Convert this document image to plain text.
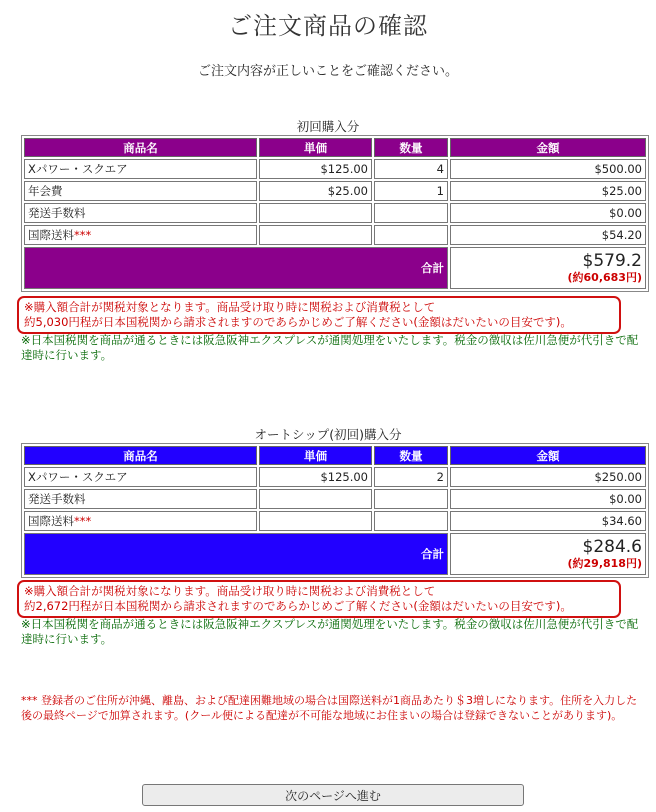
ご注文商品の確認
ご注文内容が正しいことをご確認ください。
初回購入分
商品名	単価	数量	金額
Xパワー・スクエア	$125.00	4	$500.00
年会費	$25.00	1	$25.00
発送手数料			$0.00
国際送料***			$54.20
合計			$579.2
(約60,683円)
※購入額合計が関税対象となります。商品受け取り時に関税および消費税として
約5,030円程が日本国税関から請求されますのであらかじめご了解ください(金額はだいたいの目安です)。
※日本国税関を商品が通るときには阪急阪神エクスプレスが通関処理をいたします。税金の徴収は佐川急便が代引きで配達時に行います。
オートシップ(初回)購入分
商品名	単価	数量	金額
Xパワー・スクエア	$125.00	2	$250.00
発送手数料			$0.00
国際送料***			$34.60
合計			$284.6
(約29,818円)
※購入額合計が関税対象になります。商品受け取り時に関税および消費税として
約2,672円程が日本国税関から請求されますのであらかじめご了解ください(金額はだいたいの目安です)。
※日本国税関を商品が通るときには阪急阪神エクスプレスが通関処理をいたします。税金の徴収は佐川急便が代引きで配達時に行います。
*** 登録者のご住所が沖縄、離島、および配達困難地域の場合は国際送料が1商品あたり＄3増しになります。住所を入力した後の最終ページで加算されます。(クール便による配達が不可能な地域にお住まいの場合は登録できないことがあります)。
次のページへ進む
